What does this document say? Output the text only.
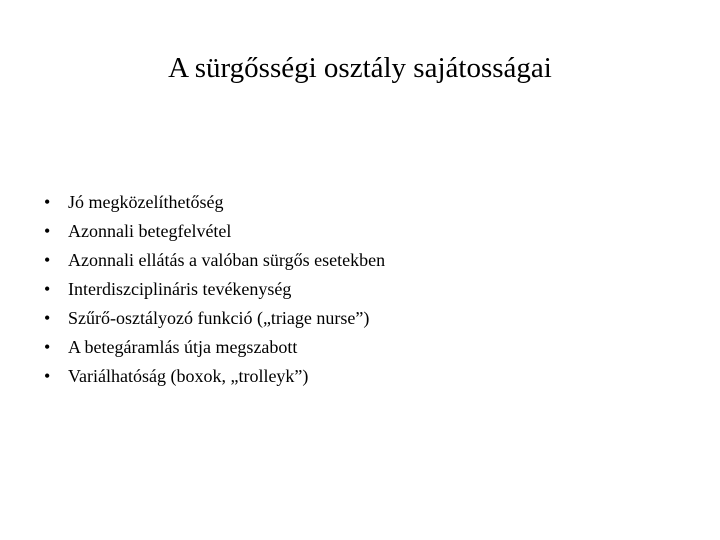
A sürgősségi osztály sajátosságai
• Jó megközelíthetőség
• Azonnali betegfelvétel
• Azonnali ellátás a valóban sürgős esetekben
• Interdiszciplináris tevékenység
• Szűrő-osztályozó funkció („triage nurse”)
• A betegáramlás útja megszabott
• Variálhatóság (boxok, „trolleyk”)
